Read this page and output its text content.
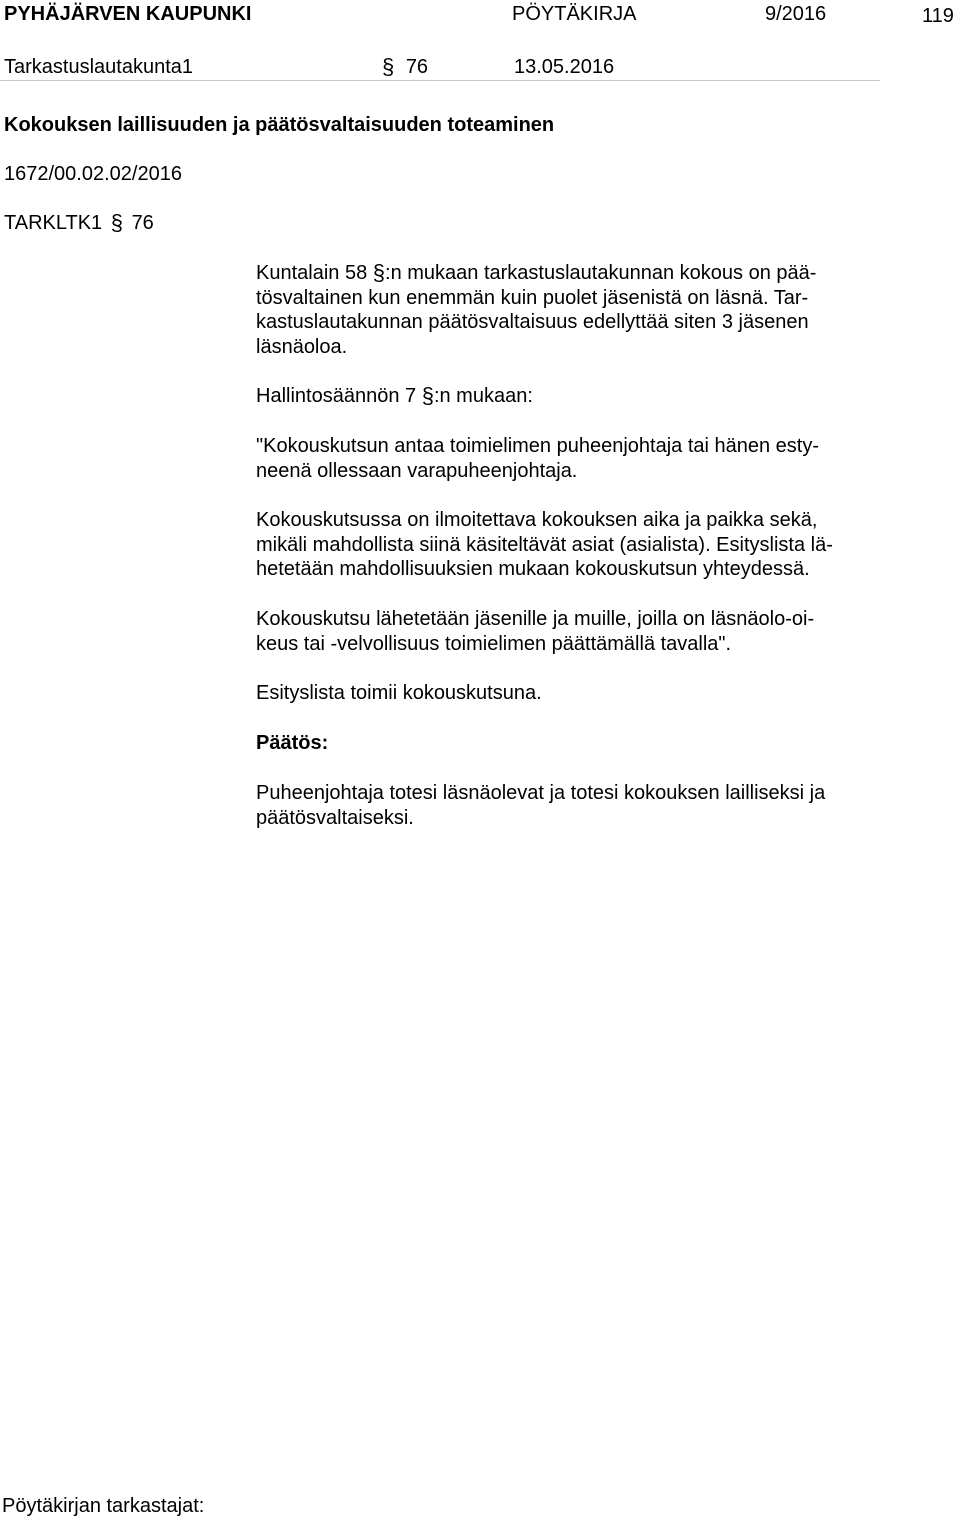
PYHÄJÄRVEN KAUPUNKI	PÖYTÄKIRJA	9/2016	119
Tarkastuslautakunta1	§ 76	13.05.2016
Kokouksen laillisuuden ja päätösvaltaisuuden toteaminen
1672/00.02.02/2016
TARKLTK1 § 76

Kuntalain 58 §:n mukaan tarkastuslautakunnan kokous on pää-

tösvaltainen kun enemmän kuin puolet jäsenistä on läsnä. Tar-

kastuslautakunnan päätösvaltaisuus edellyttää siten 3 jäsenen

läsnäoloa.

Hallintosäännön 7 §:n mukaan:

"Kokouskutsun antaa toimielimen puheenjohtaja tai hänen esty-

neenä ollessaan varapuheenjohtaja.

Kokouskutsussa on ilmoitettava kokouksen aika ja paikka sekä,

mikäli mahdollista siinä käsiteltävät asiat (asialista). Esityslista lä-

hetetään mahdollisuuksien mukaan kokouskutsun yhteydessä.

Kokouskutsu lähetetään jäsenille ja muille, joilla on läsnäolo-oi-

keus tai -velvollisuus toimielimen päättämällä tavalla".

Esityslista toimii kokouskutsuna.

Päätös:

Puheenjohtaja totesi läsnäolevat ja totesi kokouksen lailliseksi ja

päätösvaltaiseksi.

Pöytäkirjan tarkastajat:
